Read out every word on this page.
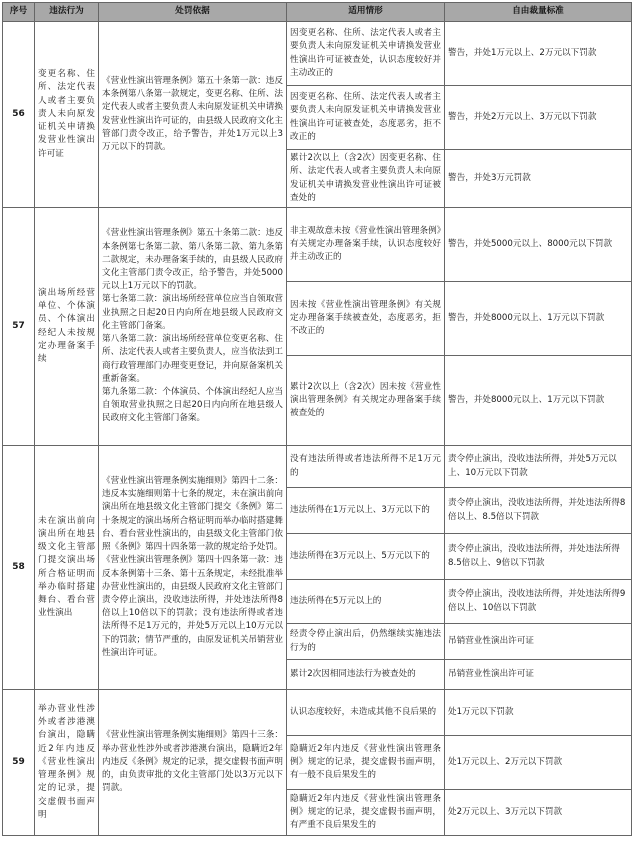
序号	违法行为	处罚依据	适用情形	自由裁量标准
56	变更名称、住所、法定代表人或者主要负责人未向原发证机关申请换发营业性演出许可证	《营业性演出管理条例》第五十条第一款：违反本条例第八条第一款规定，变更名称、住所、法定代表人或者主要负责人未向原发证机关申请换发营业性演出许可证的，由县级人民政府文化主管部门责令改正，给予警告，并处1万元以上3万元以下的罚款。	因变更名称、住所、法定代表人或者主要负责人未向原发证机关申请换发营业性演出许可证被查处，认识态度较好并主动改正的	警告，并处1万元以上、2万元以下罚款
			因变更名称、住所、法定代表人或者主要负责人未向原发证机关申请换发营业性演出许可证被查处，态度恶劣，拒不改正的	警告，并处2万元以上、3万元以下罚款
			累计2次以上（含2次）因变更名称、住所、法定代表人或者主要负责人未向原发证机关申请换发营业性演出许可证被查处的	警告，并处3万元罚款
57	演出场所经营单位、个体演员、个体演出经纪人未按规定办理备案手续	《营业性演出管理条例》第五十条第二款：违反本条例第七条第二款、第八条第二款、第九条第二款规定，未办理备案手续的，由县级人民政府文化主管部门责令改正，给予警告，并处5000元以上1万元以下的罚款。
第七条第二款：演出场所经营单位应当自领取营业执照之日起20日内向所在地县级人民政府文化主管部门备案。
第八条第二款：演出场所经营单位变更名称、住所、法定代表人或者主要负责人，应当依法到工商行政管理部门办理变更登记，并向原备案机关重新备案。
第九条第二款：个体演员、个体演出经纪人应当自领取营业执照之日起20日内向所在地县级人民政府文化主管部门备案。	非主观故意未按《营业性演出管理条例》有关规定办理备案手续，认识态度较好并主动改正的	警告，并处5000元以上、8000元以下罚款
			因未按《营业性演出管理条例》有关规定办理备案手续被查处，态度恶劣，拒不改正的	警告，并处8000元以上、1万元以下罚款
			累计2次以上（含2次）因未按《营业性演出管理条例》有关规定办理备案手续被查处的	警告，并处8000元以上、1万元以下罚款
58	未在演出前向演出所在地县级文化主管部门提交演出场所合格证明而举办临时搭建舞台、看台营业性演出	《营业性演出管理条例实施细则》第四十二条：违反本实施细则第十七条的规定，未在演出前向演出所在地县级文化主管部门提交《条例》第二十条规定的演出场所合格证明而举办临时搭建舞台、看台营业性演出的，由县级文化主管部门依照《条例》第四十四条第一款的规定给予处罚。
《营业性演出管理条例》第四十四条第一款：违反本条例第十三条、第十五条规定，未经批准举办营业性演出的，由县级人民政府文化主管部门责令停止演出，没收违法所得，并处违法所得8倍以上10倍以下的罚款；没有违法所得或者违法所得不足1万元的，并处5万元以上10万元以下的罚款；情节严重的，由原发证机关吊销营业性演出许可证。	没有违法所得或者违法所得不足1万元的	责令停止演出，没收违法所得，并处5万元以上、10万元以下罚款
			违法所得在1万元以上、3万元以下的	责令停止演出，没收违法所得，并处违法所得8倍以上、8.5倍以下罚款
			违法所得在3万元以上、5万元以下的	责令停止演出，没收违法所得，并处违法所得8.5倍以上、9倍以下罚款
			违法所得在5万元以上的	责令停止演出，没收违法所得，并处违法所得9倍以上、10倍以下罚款
			经责令停止演出后，仍然继续实施违法行为的	吊销营业性演出许可证
			累计2次因相同违法行为被查处的	吊销营业性演出许可证
59	举办营业性涉外或者涉港澳台演出，隐瞒近2年内违反《营业性演出管理条例》规定的记录，提交虚假书面声明	《营业性演出管理条例实施细则》第四十三条：举办营业性涉外或者涉港澳台演出，隐瞒近2年内违反《条例》规定的记录，提交虚假书面声明的，由负责审批的文化主管部门处以3万元以下罚款。	认识态度较好，未造成其他不良后果的	处1万元以下罚款
			隐瞒近2年内违反《营业性演出管理条例》规定的记录，提交虚假书面声明，有一般不良后果发生的	处1万元以上、2万元以下罚款
			隐瞒近2年内违反《营业性演出管理条例》规定的记录，提交虚假书面声明，有严重不良后果发生的	处2万元以上、3万元以下罚款
